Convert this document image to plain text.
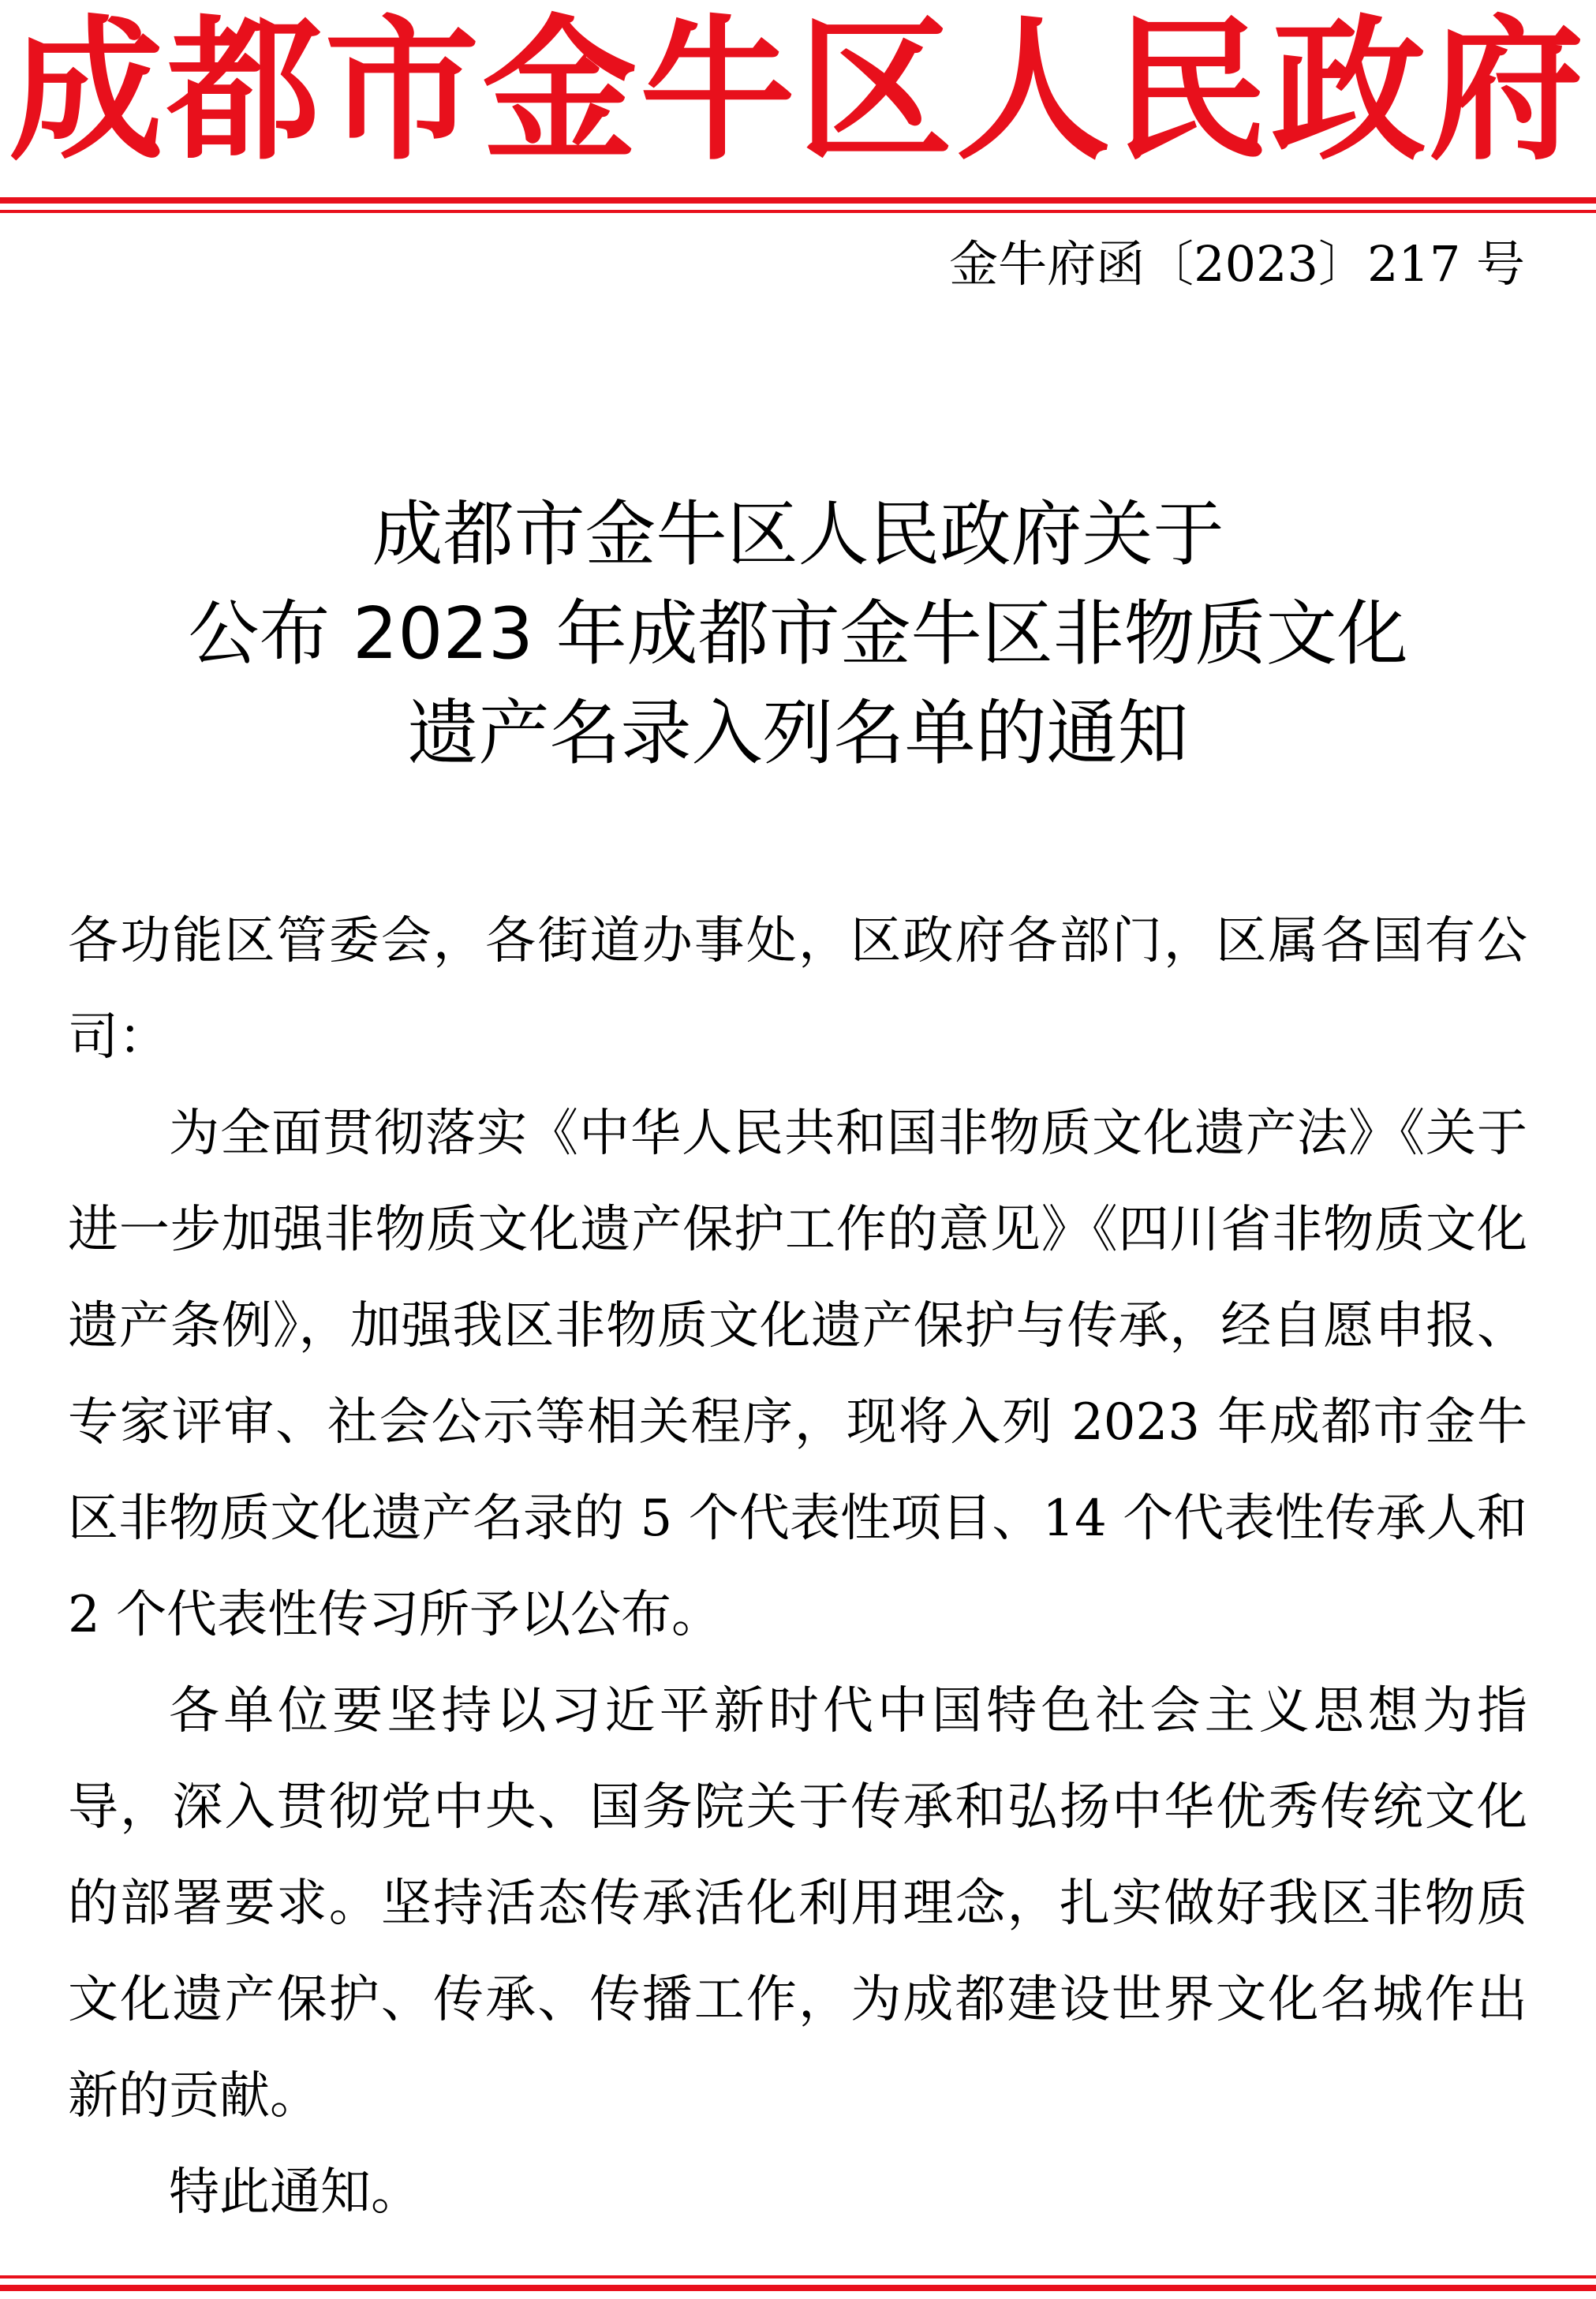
成都市金牛区人民政府
金牛府函〔2023〕217 号
成都市金牛区人民政府关于
公布 2023 年成都市金牛区非物质文化
遗产名录入列名单的通知

各功能区管委会，各街道办事处，区政府各部门，区属各国有公司：

为全面贯彻落实《中华人民共和国非物质文化遗产法》《关于进一步加强非物质文化遗产保护工作的意见》《四川省非物质文化遗产条例》，加强我区非物质文化遗产保护与传承，经自愿申报、专家评审、社会公示等相关程序，现将入列 2023 年成都市金牛区非物质文化遗产名录的 5 个代表性项目、14 个代表性传承人和 2 个代表性传习所予以公布。

各单位要坚持以习近平新时代中国特色社会主义思想为指导，深入贯彻党中央、国务院关于传承和弘扬中华优秀传统文化的部署要求。坚持活态传承活化利用理念，扎实做好我区非物质文化遗产保护、传承、传播工作，为成都建设世界文化名城作出新的贡献。

特此通知。
